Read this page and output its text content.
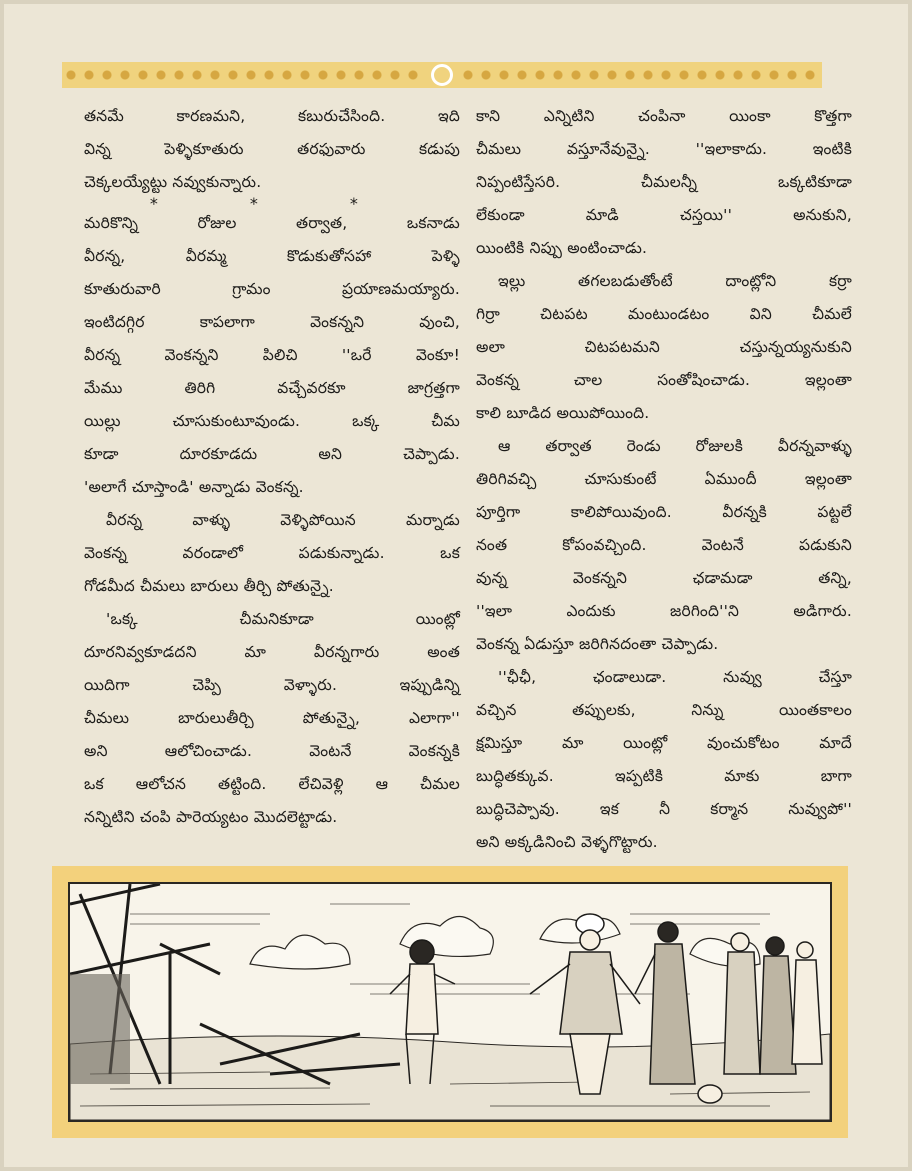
తనమే కారణమని, కబురుచేసింది. ఇది

విన్న పెళ్ళికూతురు తరఫువారు కడుపు

చెక్కలయ్యేట్టు నవ్వుకున్నారు.

*	*	*

మరికొన్ని రోజుల తర్వాత, ఒకనాడు

వీరన్న, వీరమ్మ కొడుకుతోసహా పెళ్ళి

కూతురువారి గ్రామం ప్రయాణమయ్యారు.

ఇంటిదగ్గిర కాపలాగా వెంకన్నని వుంచి,

వీరన్న వెంకన్నని పిలిచి ''ఒరే వెంకూ!

మేము తిరిగి వచ్చేవరకూ జాగ్రత్తగా

యిల్లు చూసుకుంటూవుండు. ఒక్క చీమ

కూడా దూరకూడదు అని చెప్పాడు.

'అలాగే చూస్తాండి' అన్నాడు వెంకన్న.

వీరన్న వాళ్ళు వెళ్ళిపోయిన మర్నాడు

వెంకన్న వరండాలో పడుకున్నాడు. ఒక

గోడమీద చీమలు బారులు తీర్చి పోతున్నై.

'ఒక్క చీమనికూడా యింట్లో

దూరనివ్వకూడదని మా వీరన్నగారు అంత

యిదిగా చెప్పి వెళ్ళారు. ఇప్పుడిన్ని

చీమలు బారులుతీర్చి పోతున్నై, ఎలాగా''

అని ఆలోచించాడు. వెంటనే వెంకన్నకి

ఒక ఆలోచన తట్టింది. లేచివెళ్లి ఆ చీమల

నన్నిటిని చంపి పారెయ్యటం మొదలెట్టాడు.

కాని ఎన్నిటిని చంపినా యింకా కొత్తగా

చీమలు వస్తూనేవున్నై. ''ఇలాకాదు. ఇంటికి

నిప్పంటిస్తేసరి. చీమలన్నీ ఒక్కటికూడా

లేకుండా మాడి చస్తయి'' అనుకుని,

యింటికి నిప్పు అంటించాడు.

ఇల్లు తగలబడుతోంటే దాంట్లోని కర్రా

గిర్రా చిటపట మంటుండటం విని చీమలే

అలా చిటపటమని చస్తున్నయ్యనుకుని

వెంకన్న చాల సంతోషించాడు. ఇల్లంతా

కాలి బూడిద అయిపోయింది.

ఆ తర్వాత రెండు రోజులకి వీరన్నవాళ్ళు

తిరిగివచ్చి చూసుకుంటే ఏముందీ ఇల్లంతా

పూర్తిగా కాలిపోయివుంది. వీరన్నకి పట్టలే

నంత కోపంవచ్చింది. వెంటనే పడుకుని

వున్న వెంకన్నని ఛడామడా తన్ని,

''ఇలా ఎందుకు జరిగింది''ని అడిగారు.

వెంకన్న ఏడుస్తూ జరిగినదంతా చెప్పాడు.

''ఛీఛీ, ఛండాలుడా. నువ్వు చేస్తూ

వచ్చిన తప్పులకు, నిన్ను యింతకాలం

క్షమిస్తూ మా యింట్లో వుంచుకోటం మాదే

బుద్ధితక్కువ. ఇప్పటికి మాకు బాగా

బుద్ధిచెప్పావు. ఇక నీ కర్మాన నువ్వుపో''

అని అక్కడినించి వెళ్ళగొట్టారు.
